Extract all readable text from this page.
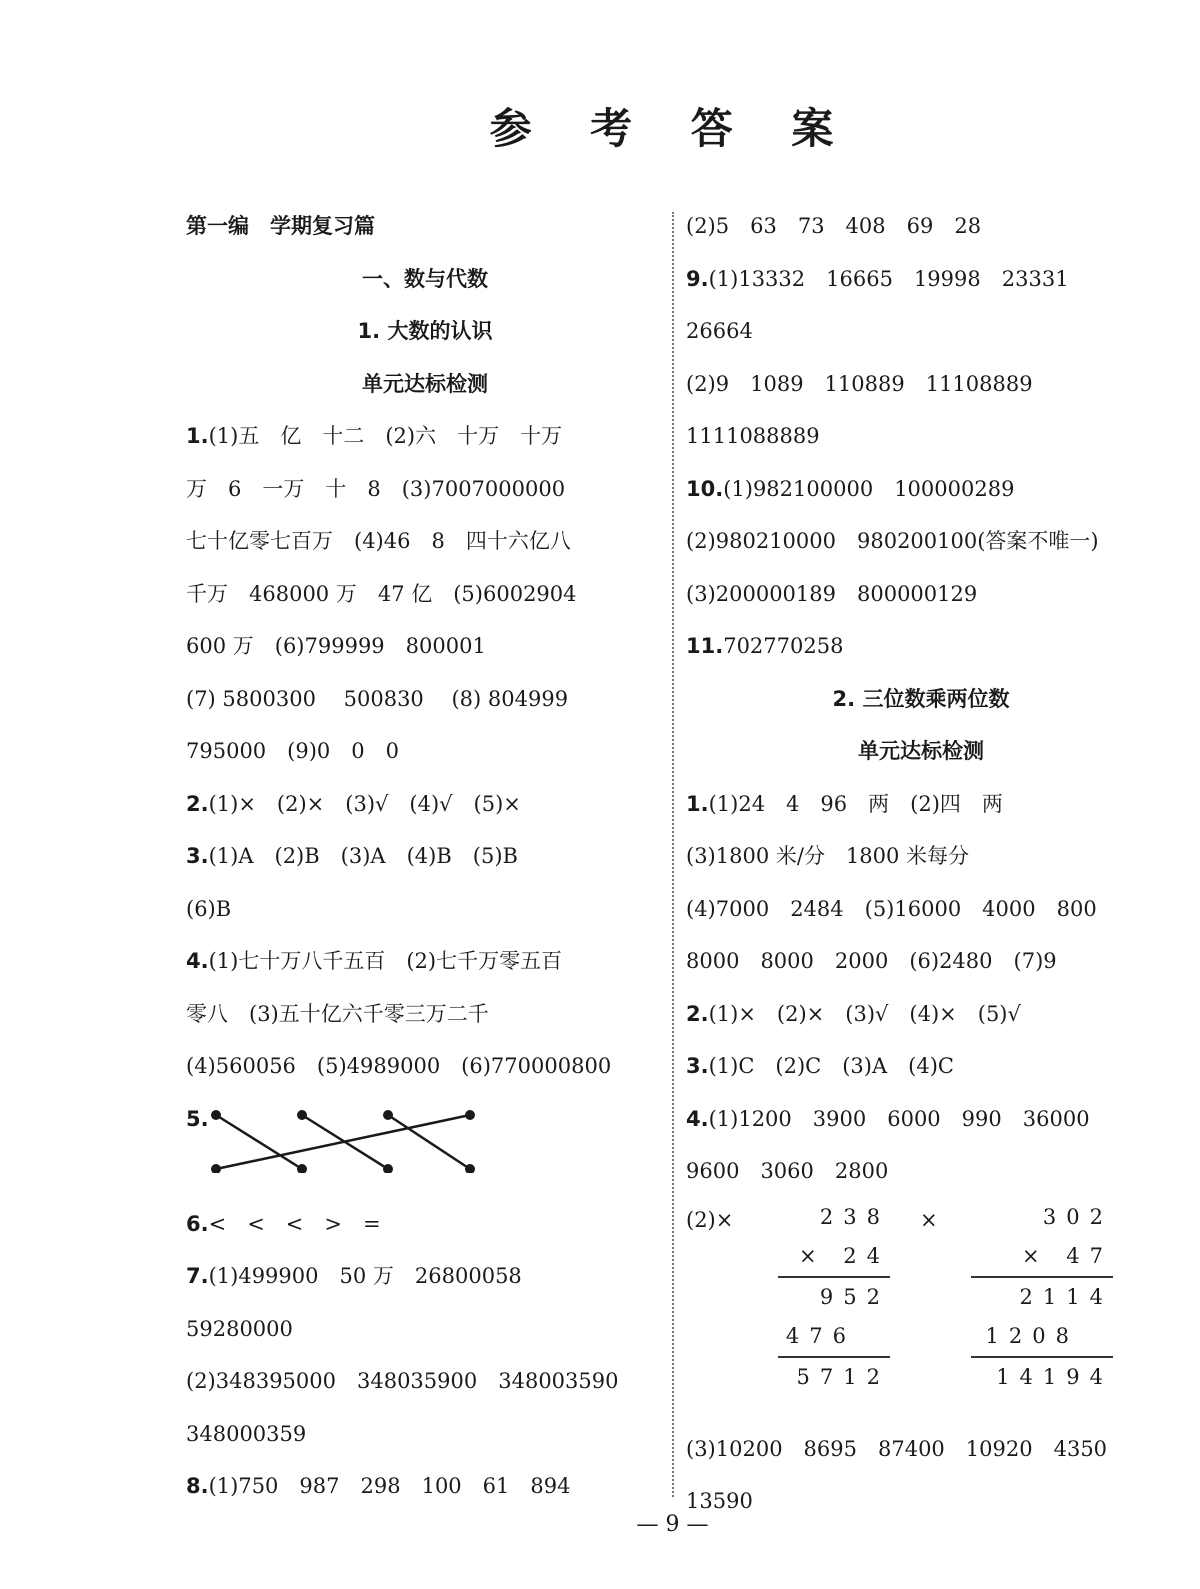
参 考 答 案
第一编　学期复习篇
一、数与代数
1. 大数的认识
单元达标检测
1.(1)五　亿　十二　(2)六　十万　十万
万　6　一万　十　8　(3)7007000000
七十亿零七百万　(4)46　8　四十六亿八
千万　468000 万　47 亿　(5)6002904
600 万　(6)799999　800001
(7) 5800300　 500830　 (8) 804999
795000　(9)0　0　0
2.(1)×　(2)×　(3)√　(4)√　(5)×
3.(1)A　(2)B　(3)A　(4)B　(5)B
(6)B
4.(1)七十万八千五百　(2)七千万零五百
零八　(3)五十亿六千零三万二千
(4)560056　(5)4989000　(6)770000800
5.
6.<　<　<　>　=
7.(1)499900　50 万　26800058
59280000
(2)348395000　348035900　348003590
348000359
8.(1)750　987　298　100　61　894
(2)5　63　73　408　69　28
9.(1)13332　16665　19998　23331
26664
(2)9　1089　110889　11108889
1111088889
10.(1)982100000　100000289
(2)980210000　980200100(答案不唯一)
(3)200000189　800000129
11.702770258
2. 三位数乘两位数
单元达标检测
1.(1)24　4　96　两　(2)四　两
(3)1800 米/分　1800 米每分
(4)7000　2484　(5)16000　4000　800
8000　8000　2000　(6)2480　(7)9
2.(1)×　(2)×　(3)√　(4)×　(5)√
3.(1)C　(2)C　(3)A　(4)C
4.(1)1200　3900　6000　990　36000
9600　3060　2800
(2)×	238
× 24
952
476
5712
×	302
× 47
2114
1208
14194
(3)10200　8695　87400　10920　4350
13590
— 9 —
